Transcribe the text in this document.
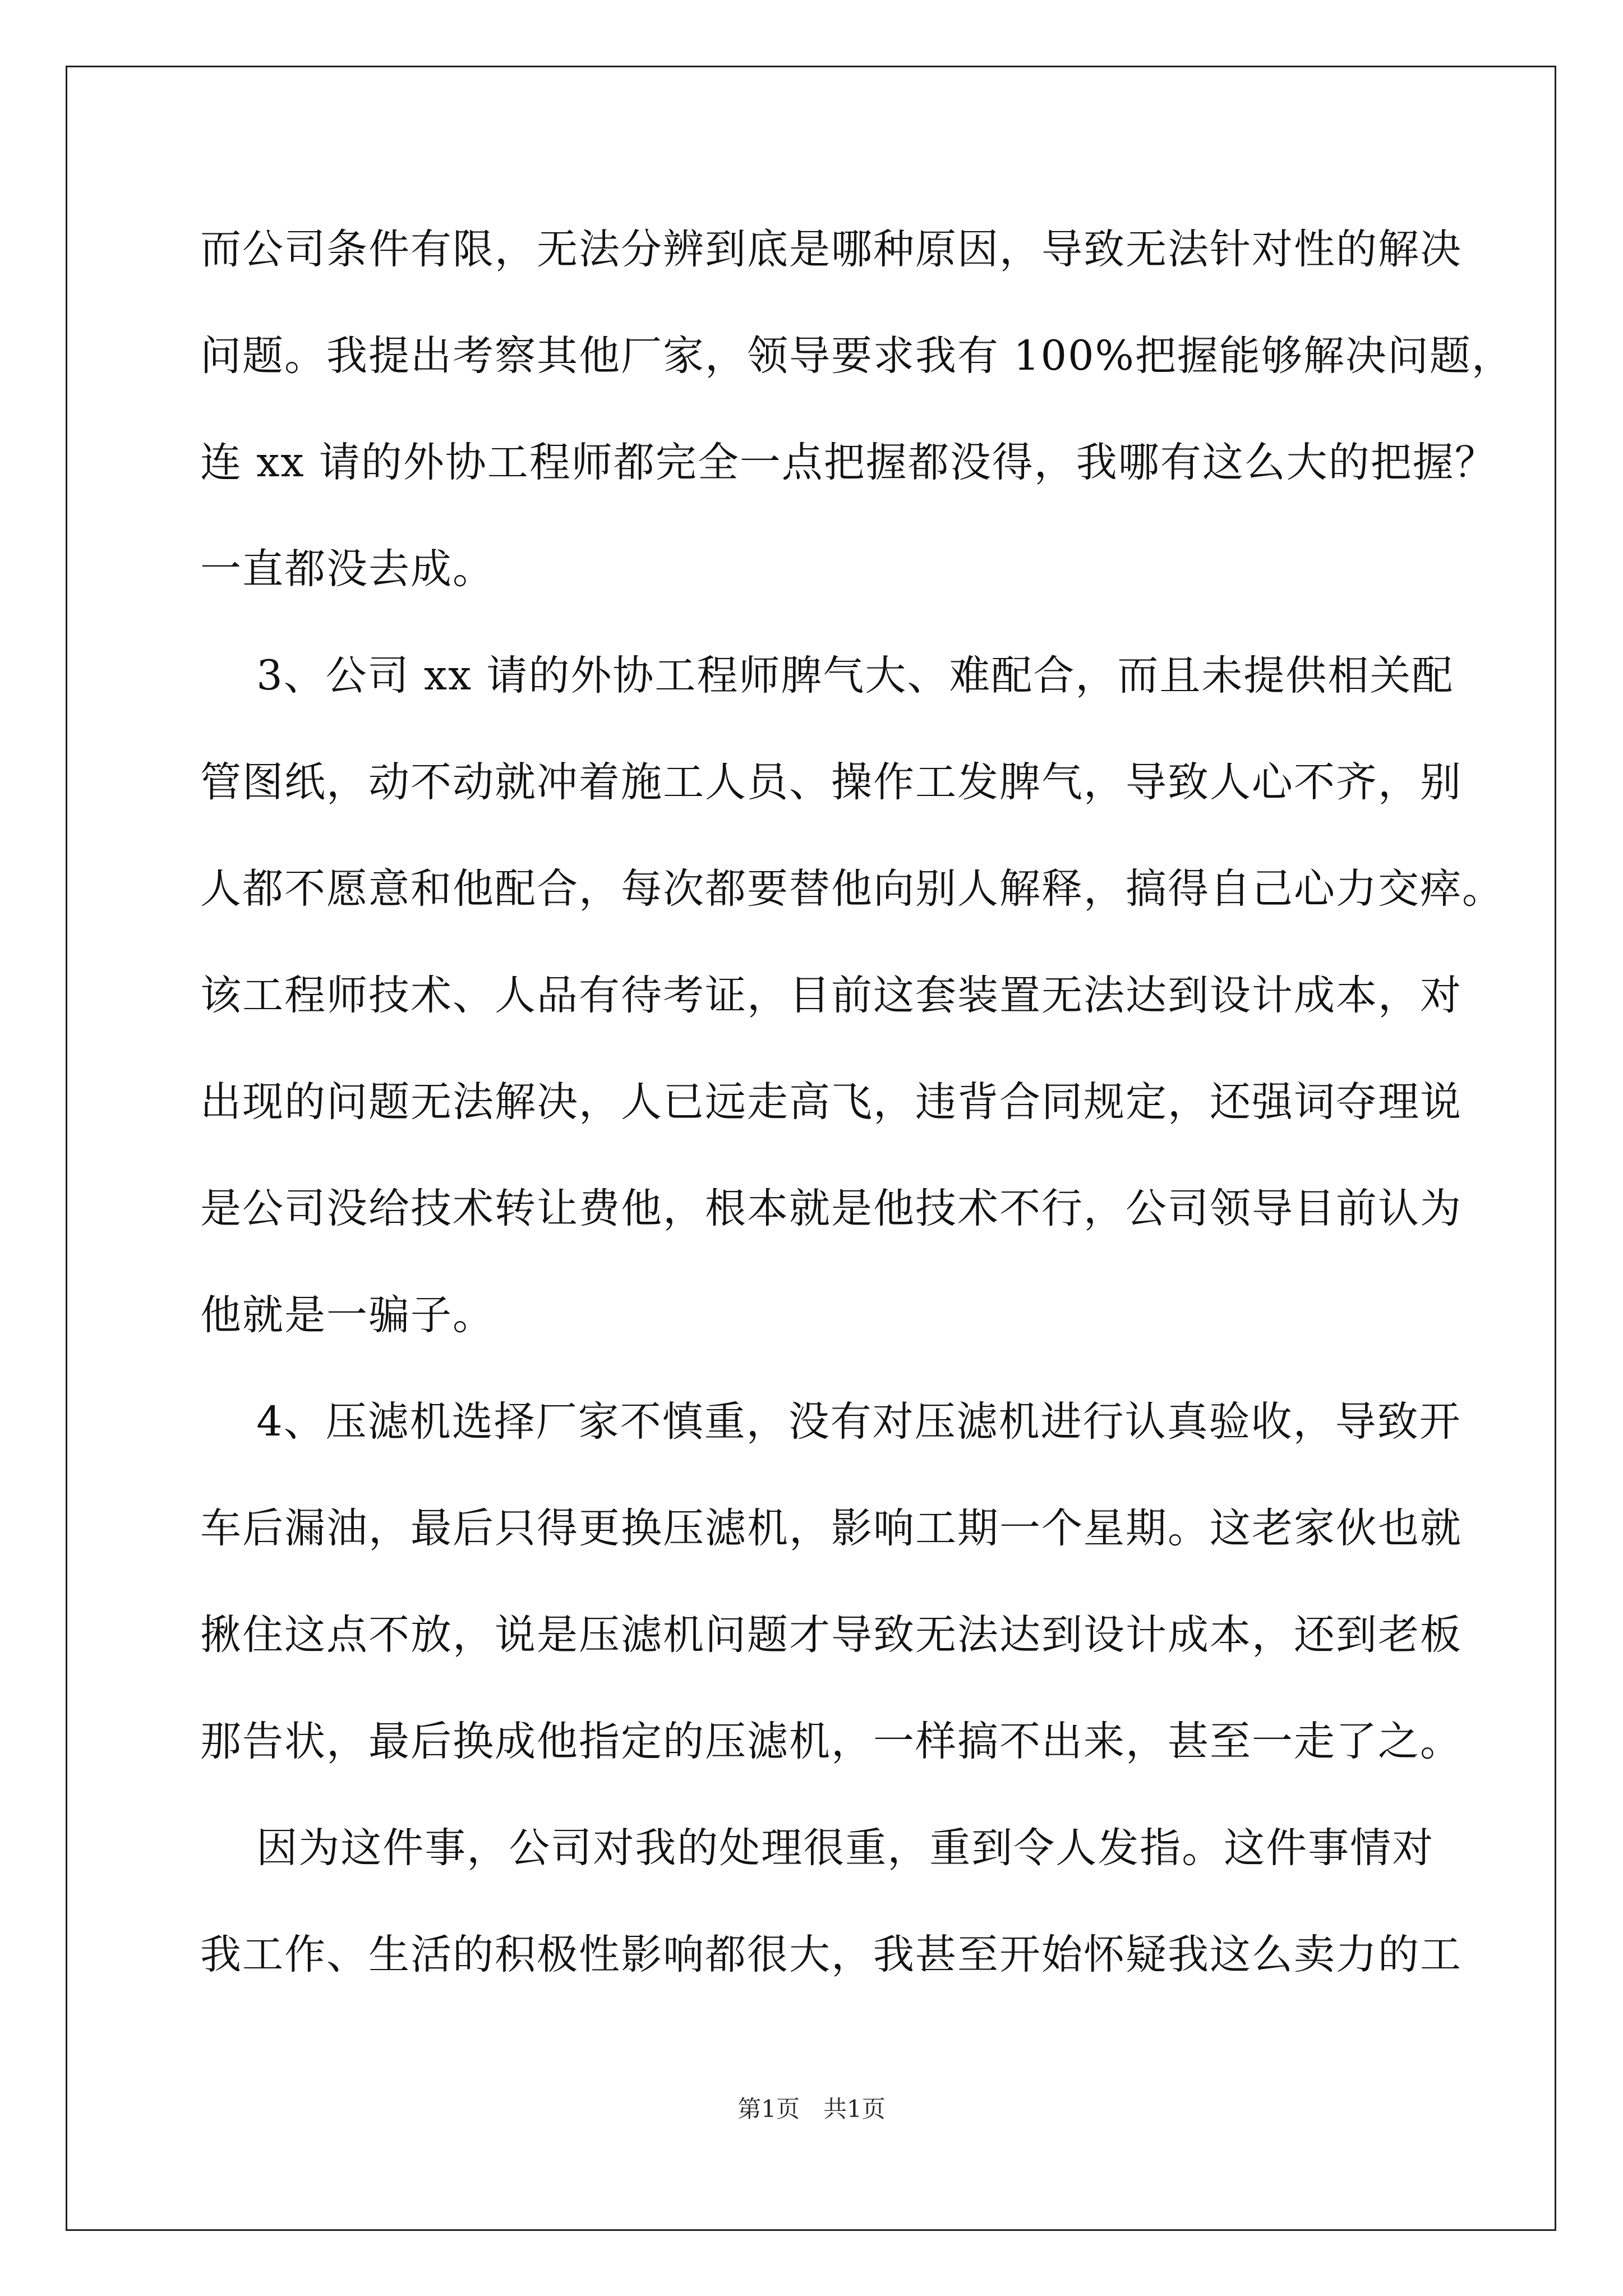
而公司条件有限，无法分辨到底是哪种原因，导致无法针对性的解决
问题。我提出考察其他厂家，领导要求我有 100%把握能够解决问题，
连 xx 请的外协工程师都完全一点把握都没得，我哪有这么大的把握？
一直都没去成。
　 3、公司 xx 请的外协工程师脾气大、难配合，而且未提供相关配
管图纸，动不动就冲着施工人员、操作工发脾气，导致人心不齐，别
人都不愿意和他配合，每次都要替他向别人解释，搞得自己心力交瘁。
该工程师技术、人品有待考证，目前这套装置无法达到设计成本，对
出现的问题无法解决，人已远走高飞，违背合同规定，还强词夺理说
是公司没给技术转让费他，根本就是他技术不行，公司领导目前认为
他就是一骗子。
　 4、压滤机选择厂家不慎重，没有对压滤机进行认真验收，导致开
车后漏油，最后只得更换压滤机，影响工期一个星期。这老家伙也就
揪住这点不放，说是压滤机问题才导致无法达到设计成本，还到老板
那告状，最后换成他指定的压滤机，一样搞不出来，甚至一走了之。
　 因为这件事，公司对我的处理很重，重到令人发指。这件事情对
我工作、生活的积极性影响都很大，我甚至开始怀疑我这么卖力的工
第1页　共1页
